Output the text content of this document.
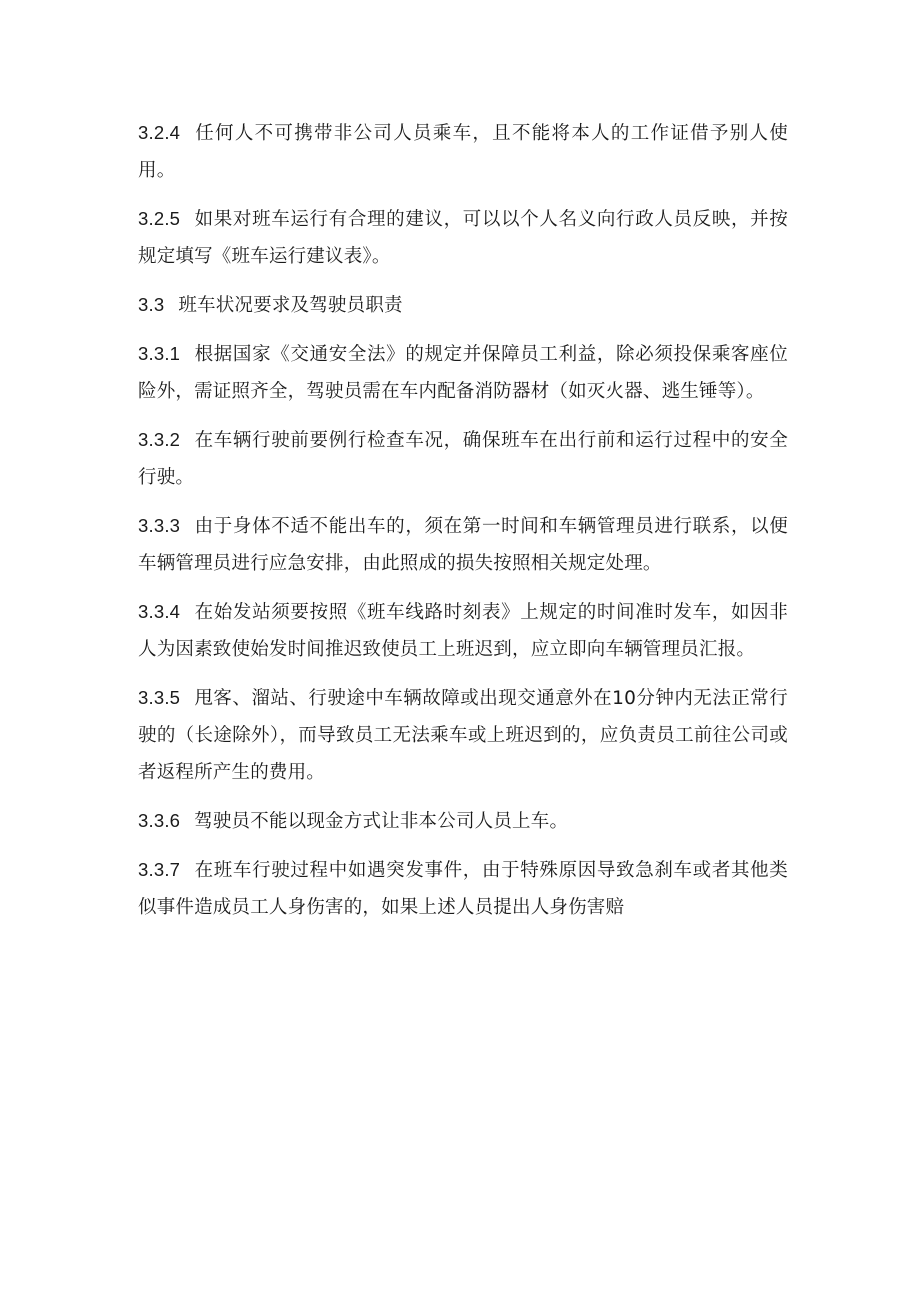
3.2.4 任何人不可携带非公司人员乘车，且不能将本人的工作证借予别人使用。

3.2.5 如果对班车运行有合理的建议，可以以个人名义向行政人员反映，并按规定填写《班车运行建议表》。

3.3 班车状况要求及驾驶员职责

3.3.1 根据国家《交通安全法》的规定并保障员工利益，除必须投保乘客座位险外，需证照齐全，驾驶员需在车内配备消防器材（如灭火器、逃生锤等）。

3.3.2 在车辆行驶前要例行检查车况，确保班车在出行前和运行过程中的安全行驶。

3.3.3 由于身体不适不能出车的，须在第一时间和车辆管理员进行联系，以便车辆管理员进行应急安排，由此照成的损失按照相关规定处理。

3.3.4 在始发站须要按照《班车线路时刻表》上规定的时间准时发车，如因非人为因素致使始发时间推迟致使员工上班迟到，应立即向车辆管理员汇报。

3.3.5 甩客、溜站、行驶途中车辆故障或出现交通意外在10分钟内无法正常行驶的（长途除外），而导致员工无法乘车或上班迟到的，应负责员工前往公司或者返程所产生的费用。

3.3.6 驾驶员不能以现金方式让非本公司人员上车。

3.3.7 在班车行驶过程中如遇突发事件，由于特殊原因导致急刹车或者其他类似事件造成员工人身伤害的，如果上述人员提出人身伤害赔
